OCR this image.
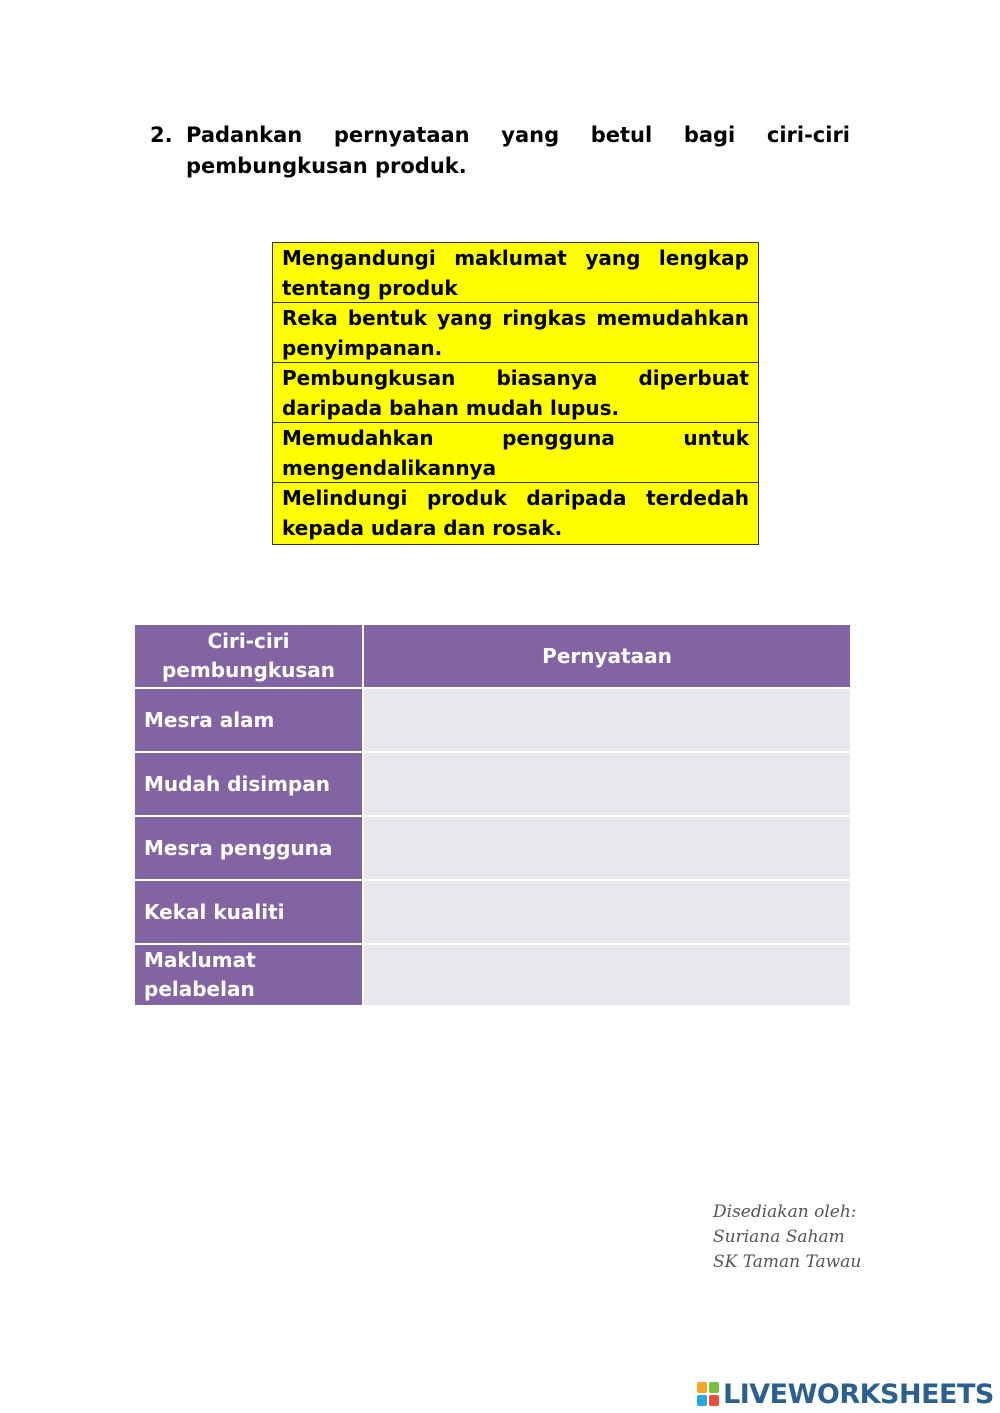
2. Padankan pernyataan yang betul bagi ciri-ciri pembungkusan produk.
Mengandungi maklumat yang lengkap tentang produk
Reka bentuk yang ringkas memudahkan penyimpanan.
Pembungkusan biasanya diperbuat daripada bahan mudah lupus.
Memudahkan pengguna untuk mengendalikannya
Melindungi produk daripada terdedah kepada udara dan rosak.
Ciri-ciri pembungkusan
Pernyataan
Mesra alam
Mudah disimpan
Mesra pengguna
Kekal kualiti
Maklumat pelabelan
Disediakan oleh:
Suriana Saham
SK Taman Tawau
LIVEWORKSHEETS
